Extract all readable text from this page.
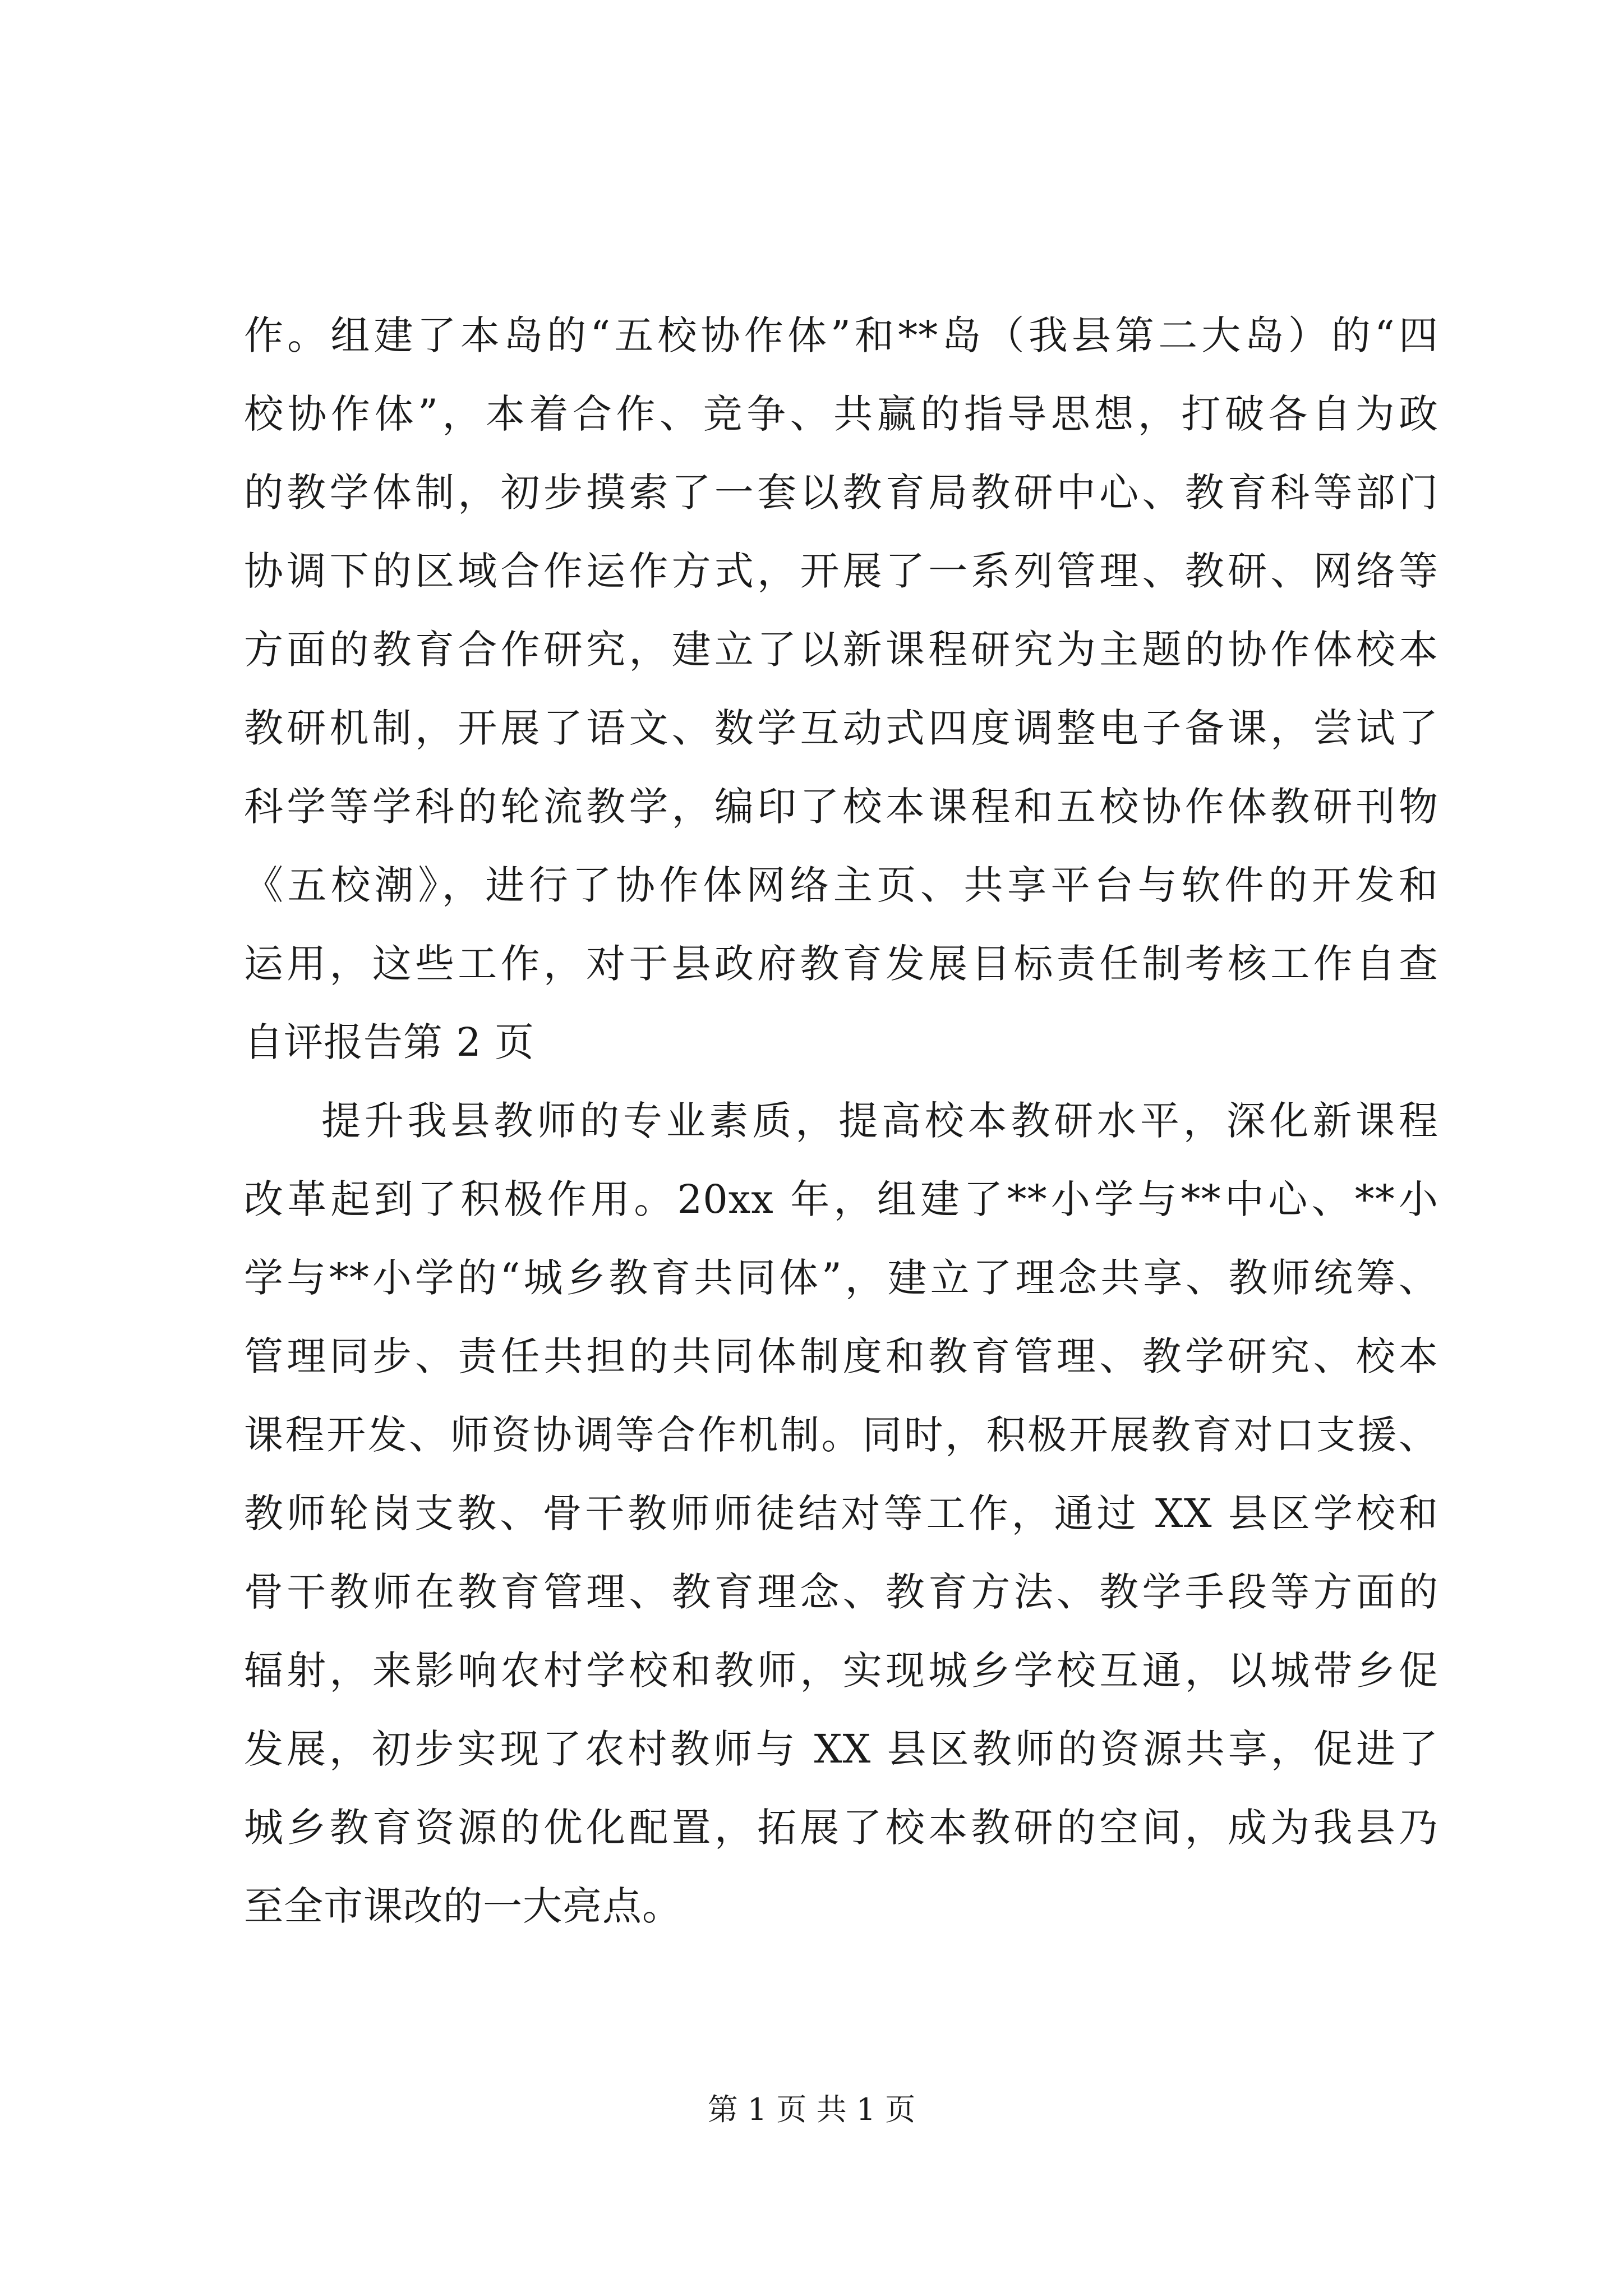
作。组建了本岛的“五校协作体”和**岛（我县第二大岛）的“四
校协作体”，本着合作、竞争、共赢的指导思想，打破各自为政
的教学体制，初步摸索了一套以教育局教研中心、教育科等部门
协调下的区域合作运作方式，开展了一系列管理、教研、网络等
方面的教育合作研究，建立了以新课程研究为主题的协作体校本
教研机制，开展了语文、数学互动式四度调整电子备课，尝试了
科学等学科的轮流教学，编印了校本课程和五校协作体教研刊物
《五校潮》，进行了协作体网络主页、共享平台与软件的开发和
运用，这些工作，对于县政府教育发展目标责任制考核工作自查
自评报告第 2 页
提升我县教师的专业素质，提高校本教研水平，深化新课程
改革起到了积极作用。20xx 年，组建了**小学与**中心、**小
学与**小学的“城乡教育共同体”，建立了理念共享、教师统筹、
管理同步、责任共担的共同体制度和教育管理、教学研究、校本
课程开发、师资协调等合作机制。同时，积极开展教育对口支援、
教师轮岗支教、骨干教师师徒结对等工作，通过 XX 县区学校和
骨干教师在教育管理、教育理念、教育方法、教学手段等方面的
辐射，来影响农村学校和教师，实现城乡学校互通，以城带乡促
发展，初步实现了农村教师与 XX 县区教师的资源共享，促进了
城乡教育资源的优化配置，拓展了校本教研的空间，成为我县乃
至全市课改的一大亮点。
第 1 页 共 1 页
